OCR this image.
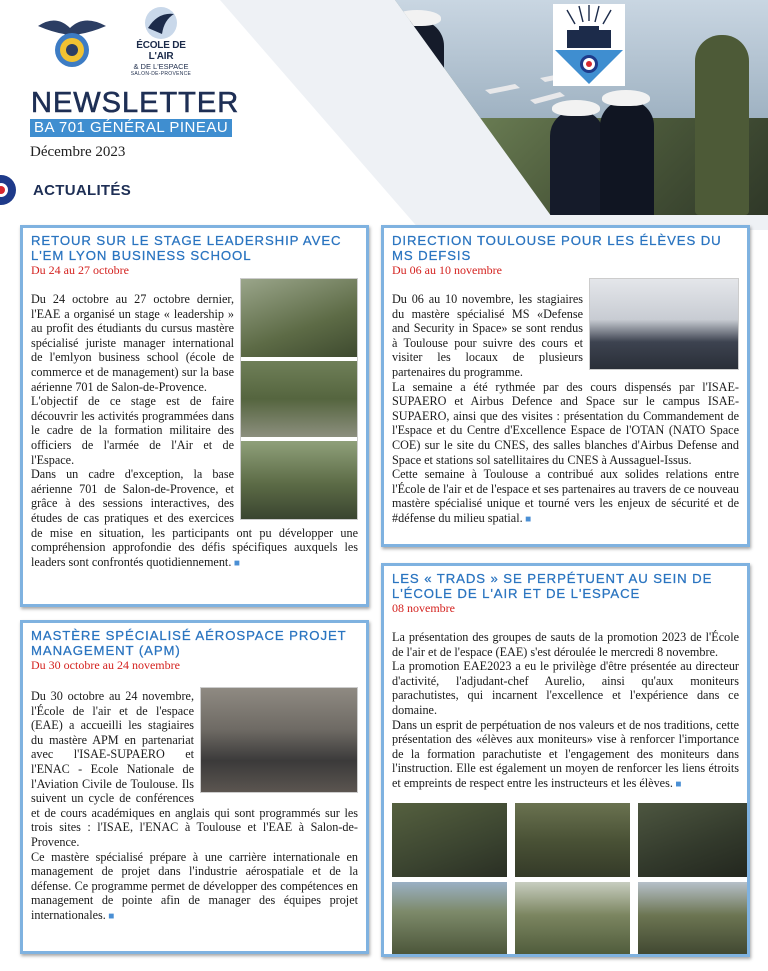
ÉCOLE DE L'AIR
& DE L'ESPACE
SALON-DE-PROVENCE
NEWSLETTER
BA 701 GÉNÉRAL PINEAU
Décembre 2023
ACTUALITÉS
RETOUR SUR LE STAGE LEADERSHIP AVEC L'EM LYON BUSINESS SCHOOL
Du 24 au 27 octobre

Du 24 octobre au 27 octobre dernier, l'EAE a organisé un stage « leadership » au profit des étudiants du cursus mastère spécialisé juriste manager international de l'emlyon business school (école de commerce et de management) sur la base aérienne 701 de Salon-de-Provence.

L'objectif de ce stage est de faire découvrir les activités programmées dans le cadre de la formation militaire des officiers de l'armée de l'Air et de l'Espace.

Dans un cadre d'exception, la base aérienne 701 de Salon-de-Provence, et grâce à des sessions interactives, des études de cas pratiques et des exercices de mise en situation, les participants ont pu développer une compréhension approfondie des défis spécifiques auxquels les leaders sont confrontés quotidiennement. ■

DIRECTION TOULOUSE POUR LES ÉLÈVES DU MS DEFSIS
Du 06 au 10 novembre

Du 06 au 10 novembre, les stagiaires du mastère spécialisé MS «Defense and Security in Space» se sont rendus à Toulouse pour suivre des cours et visiter les locaux de plusieurs partenaires du programme.

La semaine a été rythmée par des cours dispensés par l'ISAE-SUPAERO et Airbus Defence and Space sur le campus ISAE-SUPAERO, ainsi que des visites : présentation du Commandement de l'Espace et du Centre d'Excellence Espace de l'OTAN (NATO Space COE) sur le site du CNES, des salles blanches d'Airbus Defense and Space et stations sol satellitaires du CNES à Aussaguel-Issus.

Cette semaine à Toulouse a contribué aux solides relations entre l'École de l'air et de l'espace et ses partenaires au travers de ce nouveau mastère spécialisé unique et tourné vers les enjeux de sécurité et de #défense du milieu spatial. ■

MASTÈRE SPÉCIALISÉ AÉROSPACE PROJET MANAGEMENT (APM)
Du 30 octobre au 24 novembre

Du 30 octobre au 24 novembre, l'École de l'air et de l'espace (EAE) a accueilli les stagiaires du mastère APM en partenariat avec l'ISAE-SUPAERO et l'ENAC - Ecole Nationale de l'Aviation Civile de Toulouse. Ils suivent un cycle de conférences et de cours académiques en anglais qui sont programmés sur les trois sites : l'ISAE, l'ENAC à Toulouse et l'EAE à Salon-de-Provence.

Ce mastère spécialisé prépare à une carrière internationale en management de projet dans l'industrie aérospatiale et de la défense. Ce programme permet de développer des compétences en management de pointe afin de manager des équipes projet internationales. ■

LES « TRADS » SE PERPÉTUENT AU SEIN DE L'ÉCOLE DE L'AIR ET DE L'ESPACE
08 novembre

La présentation des groupes de sauts de la promotion 2023 de l'École de l'air et de l'espace (EAE) s'est déroulée le mercredi 8 novembre.

La promotion EAE2023 a eu le privilège d'être présentée au directeur d'activité, l'adjudant-chef Aurelio, ainsi qu'aux moniteurs parachutistes, qui incarnent l'excellence et l'expérience dans ce domaine.

Dans un esprit de perpétuation de nos valeurs et de nos traditions, cette présentation des «élèves aux moniteurs» vise à renforcer l'importance de la formation parachutiste et l'engagement des moniteurs dans l'instruction. Elle est également un moyen de renforcer les liens étroits et empreints de respect entre les instructeurs et les élèves. ■
